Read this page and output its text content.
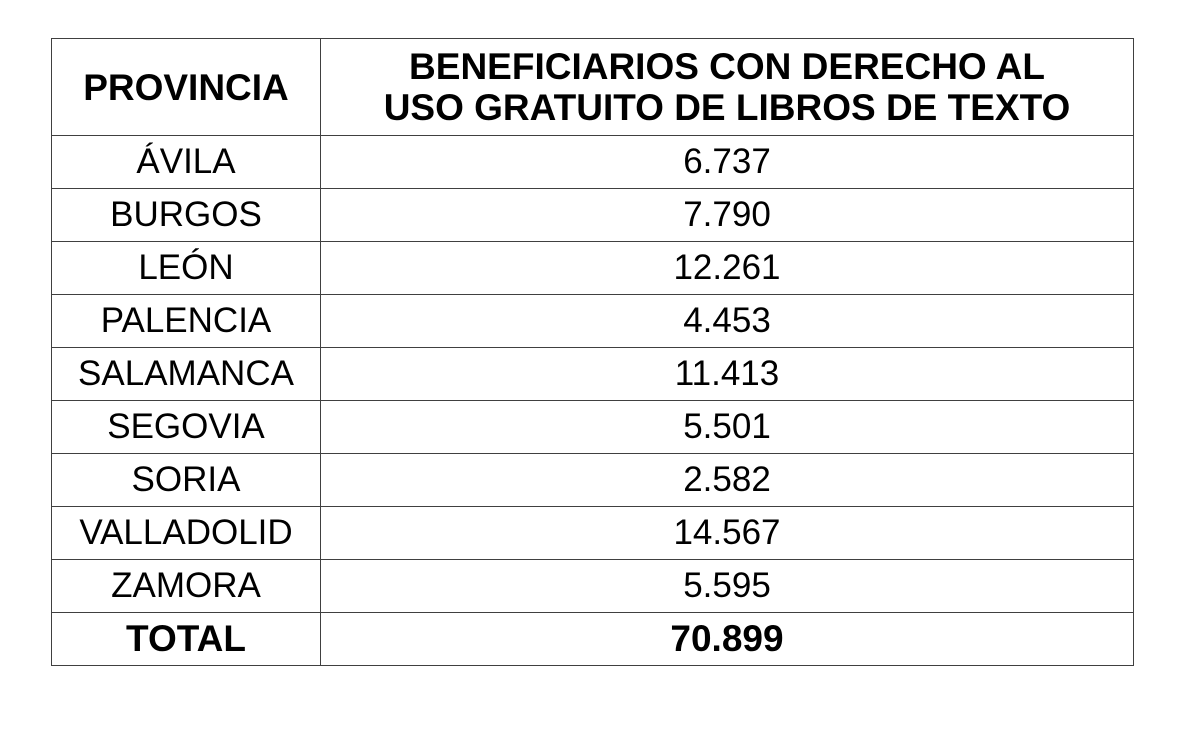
PROVINCIA	BENEFICIARIOS CON DERECHO AL
USO GRATUITO DE LIBROS DE TEXTO

ÁVILA	6.737
BURGOS	7.790
LEÓN	12.261
PALENCIA	4.453
SALAMANCA	11.413
SEGOVIA	5.501
SORIA	2.582
VALLADOLID	14.567
ZAMORA	5.595
TOTAL	70.899
